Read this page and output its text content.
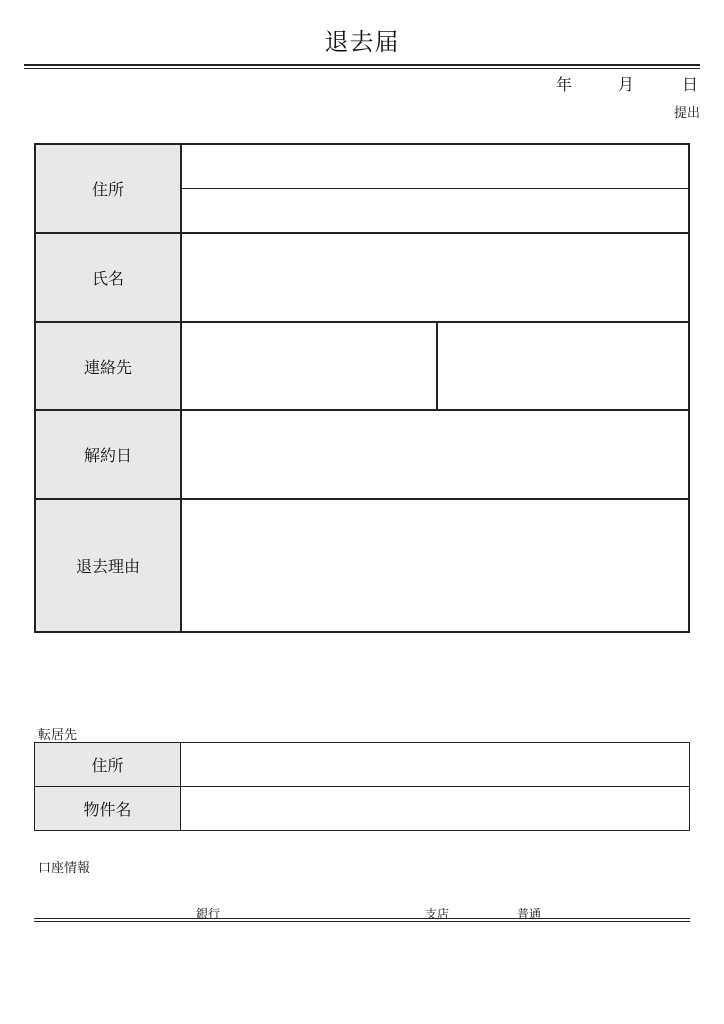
退去届
年	月	日
提出
住所		

氏名		
連絡先		
解約日		
退去理由		
転居先
住所	
物件名	
口座情報
銀行	支店	普通
